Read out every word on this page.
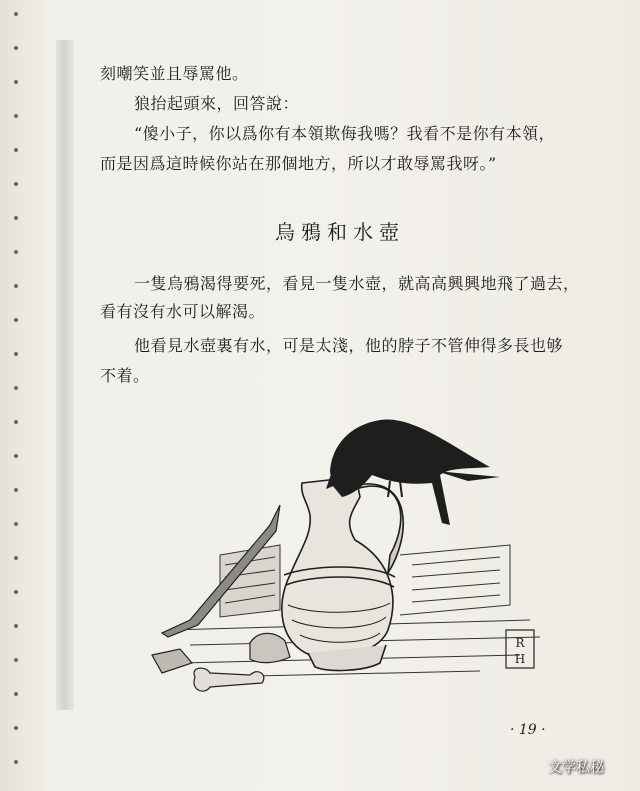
刻嘲笑並且辱罵他。

狼抬起頭來，回答說：

“傻小子，你以爲你有本領欺侮我嗎？我看不是你有本領，

而是因爲這時候你站在那個地方，所以才敢辱罵我呀。”

烏鴉和水壺

一隻烏鴉渴得要死，看見一隻水壺，就高高興興地飛了過去，

看有沒有水可以解渴。

他看見水壺裏有水，可是太淺，他的脖子不管伸得多長也够

不着。

R
H
· 19 ·
文学私秘
